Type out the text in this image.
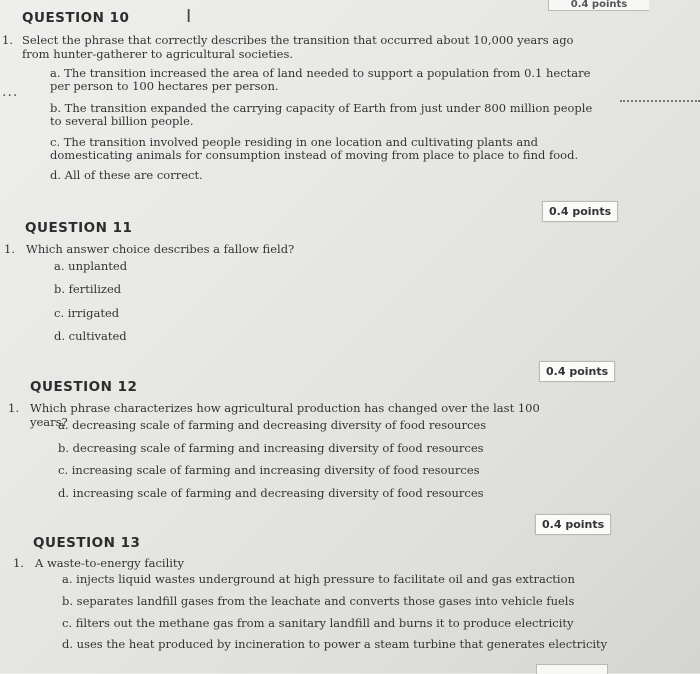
0.4 points
I
QUESTION 10
1. Select the phrase that correctly describes the transition that occurred about 10,000 years ago from hunter-gatherer to agricultural societies.
...
a. The transition increased the area of land needed to support a population from 0.1 hectare per person to 100 hectares per person.
b. The transition expanded the carrying capacity of Earth from just under 800 million people to several billion people.
c. The transition involved people residing in one location and cultivating plants and domesticating animals for consumption instead of moving from place to place to find food.
d. All of these are correct.
0.4 points
QUESTION 11
1. Which answer choice describes a fallow field?
a. unplanted
b. fertilized
c. irrigated
d. cultivated
0.4 points
QUESTION 12
1. Which phrase characterizes how agricultural production has changed over the last 100 years?
a. decreasing scale of farming and decreasing diversity of food resources
b. decreasing scale of farming and increasing diversity of food resources
c. increasing scale of farming and increasing diversity of food resources
d. increasing scale of farming and decreasing diversity of food resources
0.4 points
QUESTION 13
1. A waste-to-energy facility
a. injects liquid wastes underground at high pressure to facilitate oil and gas extraction
b. separates landfill gases from the leachate and converts those gases into vehicle fuels
c. filters out the methane gas from a sanitary landfill and burns it to produce electricity
d. uses the heat produced by incineration to power a steam turbine that generates electricity
